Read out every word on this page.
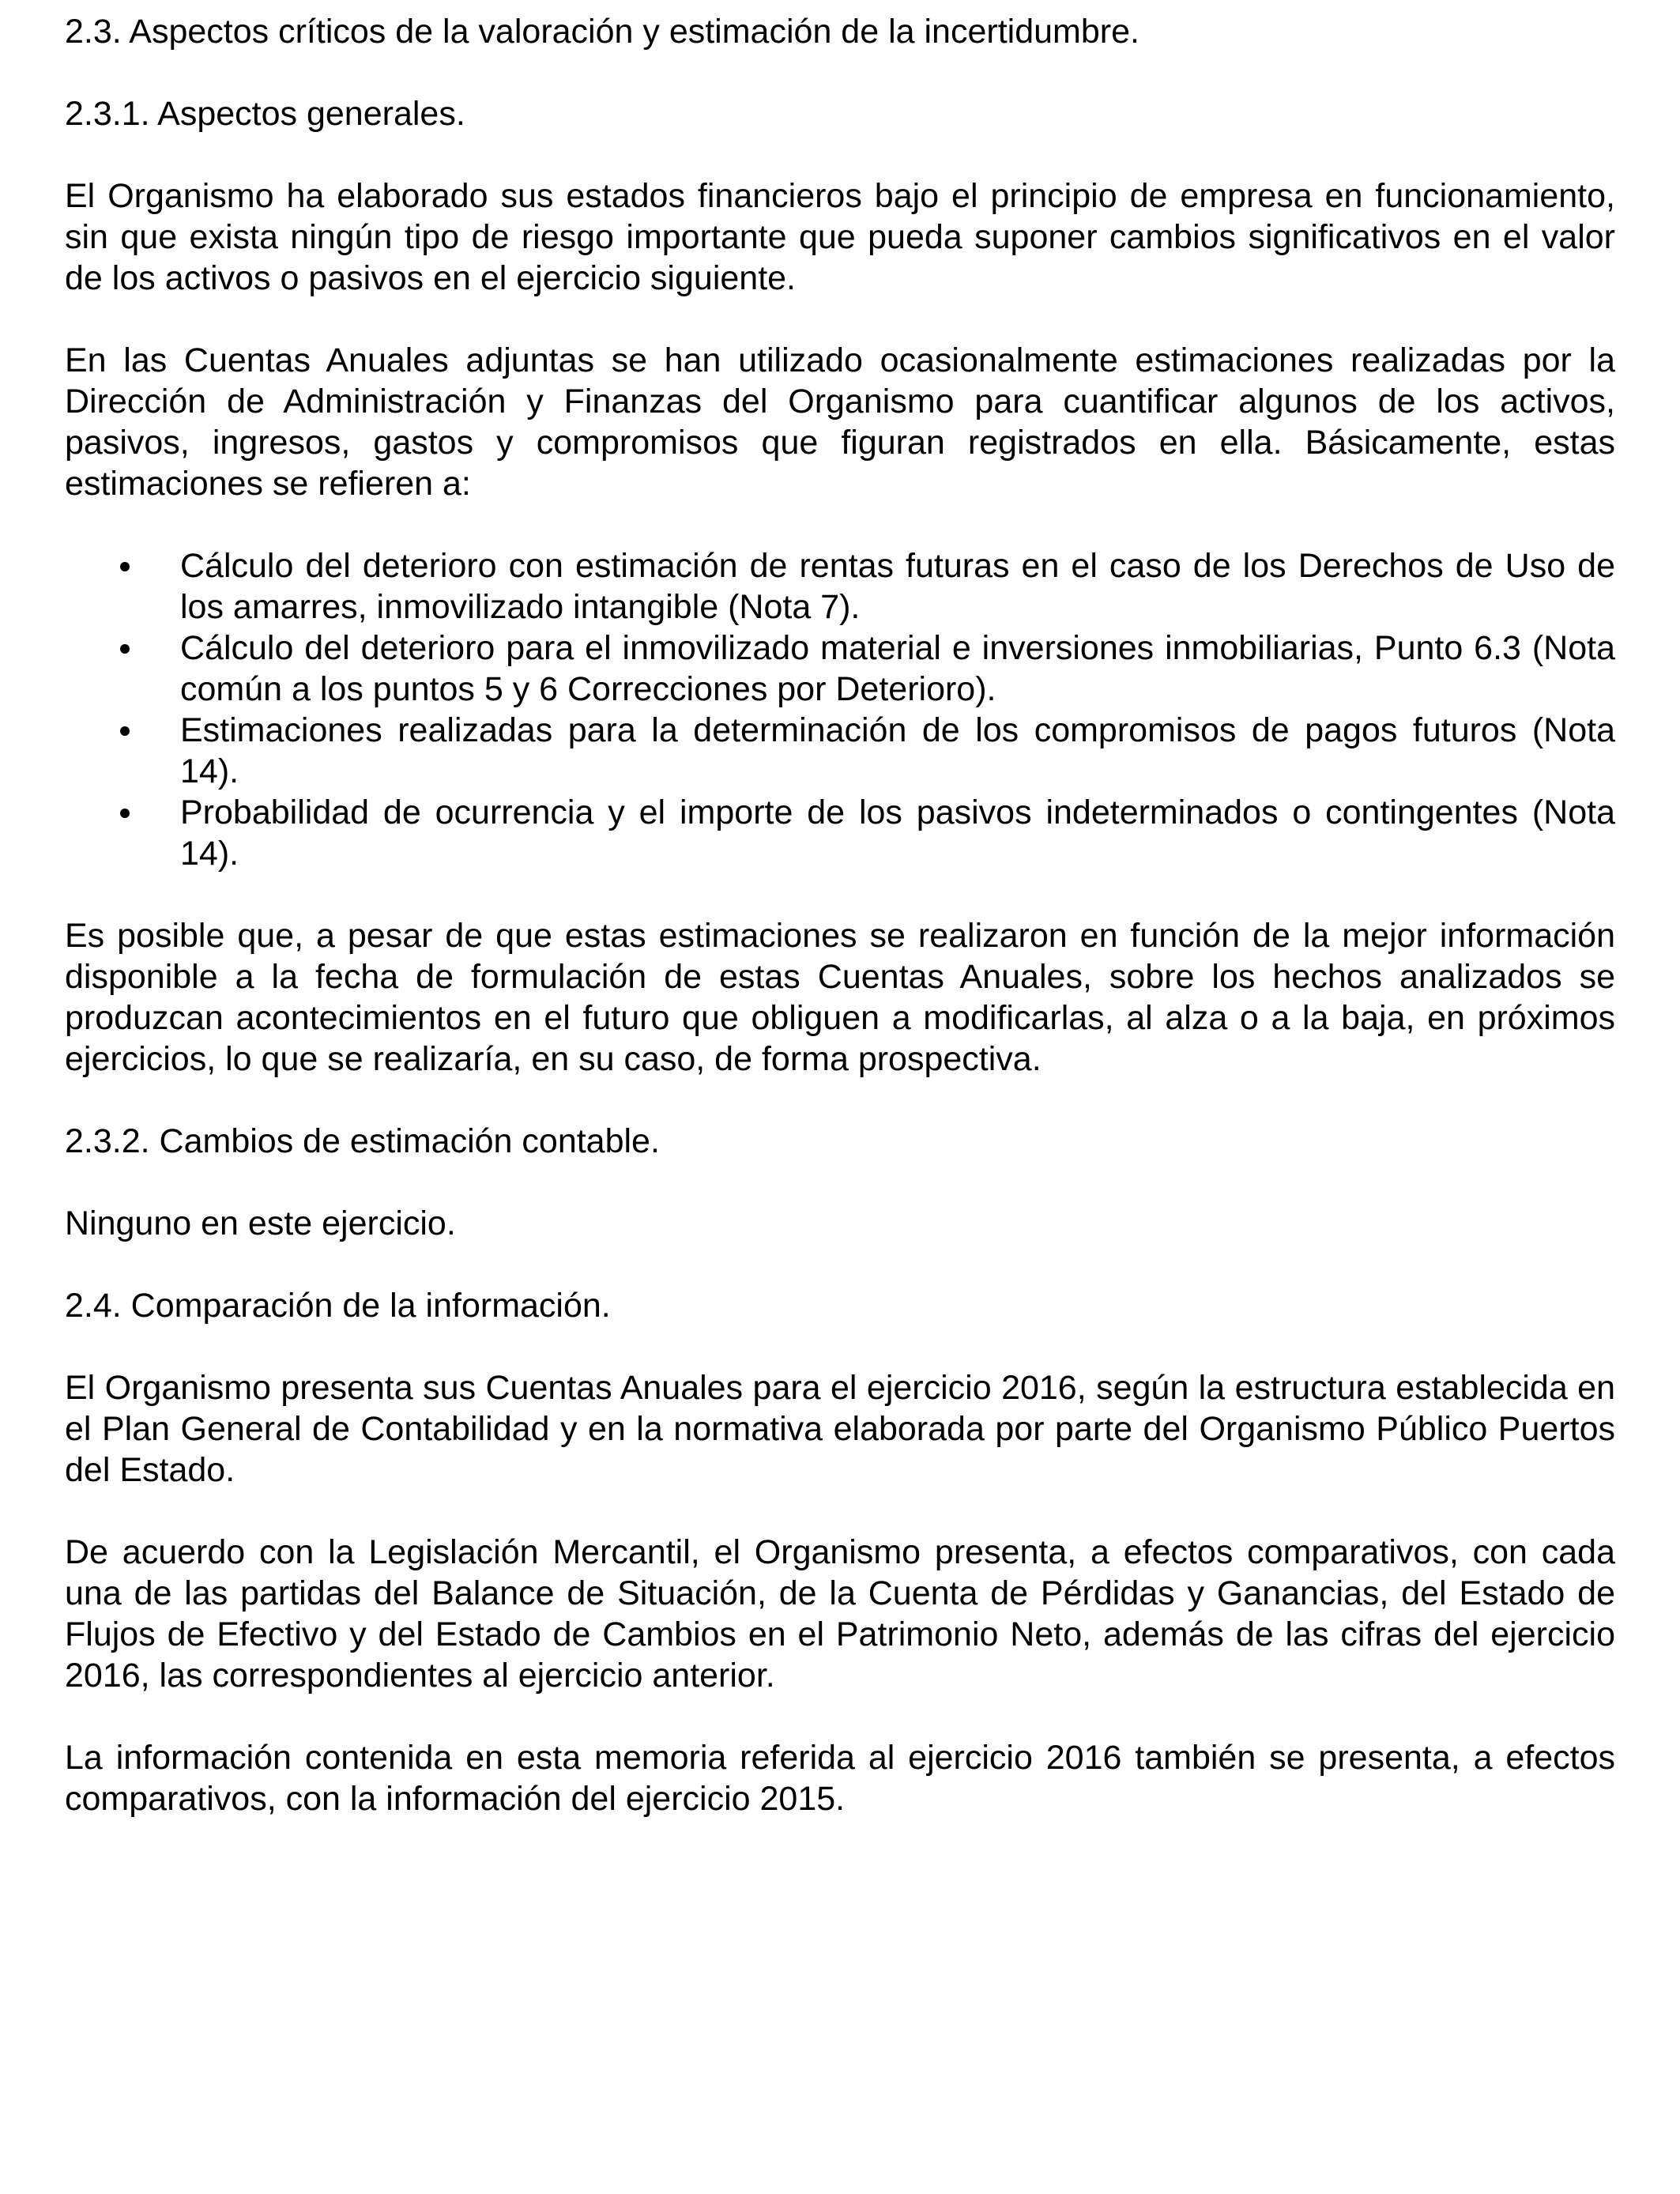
2.3. Aspectos críticos de la valoración y estimación de la incertidumbre.

2.3.1. Aspectos generales.

El Organismo ha elaborado sus estados financieros bajo el principio de empresa en funcionamiento, sin que exista ningún tipo de riesgo importante que pueda suponer cambios significativos en el valor de los activos o pasivos en el ejercicio siguiente.

En las Cuentas Anuales adjuntas se han utilizado ocasionalmente estimaciones realizadas por la Dirección de Administración y Finanzas del Organismo para cuantificar algunos de los activos, pasivos, ingresos, gastos y compromisos que figuran registrados en ella. Básicamente, estas estimaciones se refieren a:

Cálculo del deterioro con estimación de rentas futuras en el caso de los Derechos de Uso de los amarres, inmovilizado intangible (Nota 7).
Cálculo del deterioro para el inmovilizado material e inversiones inmobiliarias, Punto 6.3 (Nota común a los puntos 5 y 6 Correcciones por Deterioro).
Estimaciones realizadas para la determinación de los compromisos de pagos futuros (Nota 14).
Probabilidad de ocurrencia y el importe de los pasivos indeterminados o contingentes (Nota 14).

Es posible que, a pesar de que estas estimaciones se realizaron en función de la mejor información disponible a la fecha de formulación de estas Cuentas Anuales, sobre los hechos analizados se produzcan acontecimientos en el futuro que obliguen a modificarlas, al alza o a la baja, en próximos ejercicios, lo que se realizaría, en su caso, de forma prospectiva.

2.3.2. Cambios de estimación contable.

Ninguno en este ejercicio.

2.4. Comparación de la información.

El Organismo presenta sus Cuentas Anuales para el ejercicio 2016, según la estructura establecida en el Plan General de Contabilidad y en la normativa elaborada por parte del Organismo Público Puertos del Estado.

De acuerdo con la Legislación Mercantil, el Organismo presenta, a efectos comparativos, con cada una de las partidas del Balance de Situación, de la Cuenta de Pérdidas y Ganancias, del Estado de Flujos de Efectivo y del Estado de Cambios en el Patrimonio Neto, además de las cifras del ejercicio 2016, las correspondientes al ejercicio anterior.

La información contenida en esta memoria referida al ejercicio 2016 también se presenta, a efectos comparativos, con la información del ejercicio 2015.
